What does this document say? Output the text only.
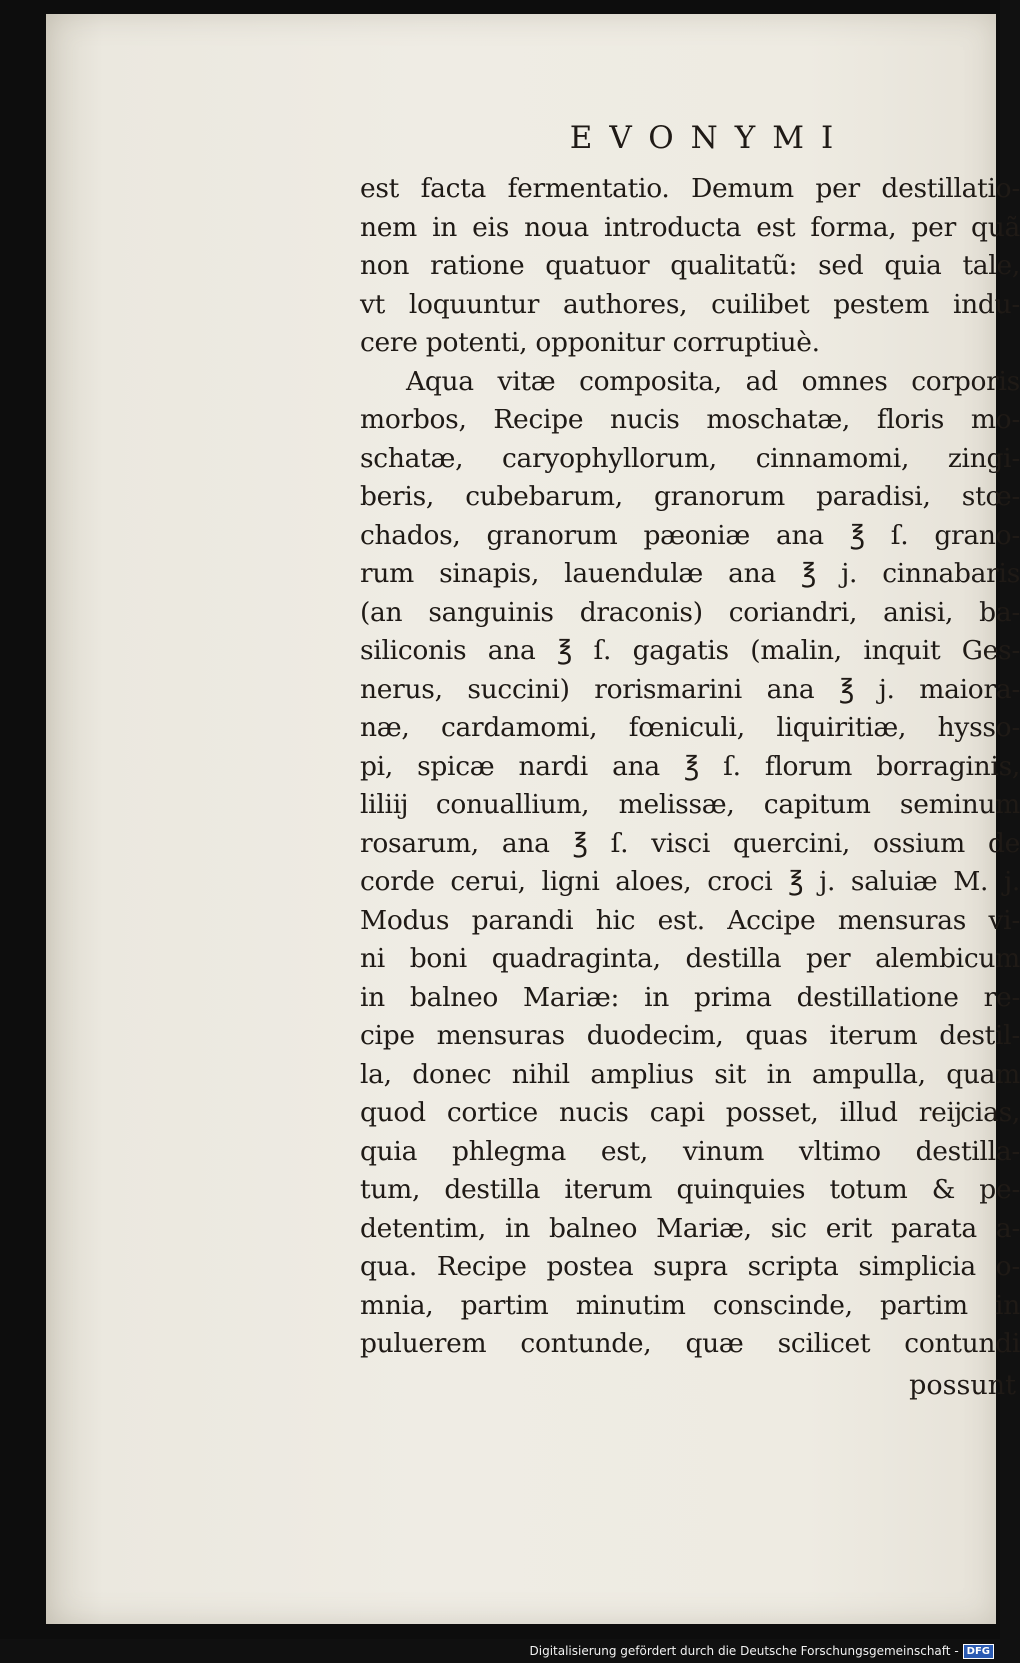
EVONYMI
est facta fermentatio. Demum per destillatio-
nem in eis noua introducta est forma, per quã
non ratione quatuor qualitatũ: sed quia tale,
vt loquuntur authores, cuilibet pestem indu-
cere potenti, opponitur corruptiuè.
Aqua vitæ composita, ad omnes corporis
morbos, Recipe nucis moschatæ, floris mo-
schatæ, caryophyllorum, cinnamomi, zingi-
beris, cubebarum, granorum paradisi, stœ-
chados, granorum pæoniæ ana ℥ ſ. grano-
rum sinapis, lauendulæ ana ℥ j. cinnabaris
(an sanguinis draconis) coriandri, anisi, ba-
siliconis ana ℥ ſ. gagatis (malin, inquit Ges-
nerus, succini) rorismarini ana ℥ j. maiora-
næ, cardamomi, fœniculi, liquiritiæ, hysso-
pi, spicæ nardi ana ℥ ſ. florum borraginis,
liliĳ conuallium, melissæ, capitum seminum
rosarum, ana ℥ ſ. visci quercini, ossium de
corde cerui, ligni aloes, croci ℥ j. saluiæ M. j.
Modus parandi hic est. Accipe mensuras vi-
ni boni quadraginta, destilla per alembicum
in balneo Mariæ: in prima destillatione re-
cipe mensuras duodecim, quas iterum destil-
la, donec nihil amplius sit in ampulla, quam
quod cortice nucis capi posset, illud reĳcias,
quia phlegma est, vinum vltimo destilla-
tum, destilla iterum quinquies totum & pe-
detentim, in balneo Mariæ, sic erit parata a-
qua. Recipe postea supra scripta simplicia o-
mnia, partim minutim conscinde, partim in
puluerem contunde, quæ scilicet contundi
possunt
Digitalisierung gefördert durch die Deutsche Forschungsgemeinschaft - DFG
